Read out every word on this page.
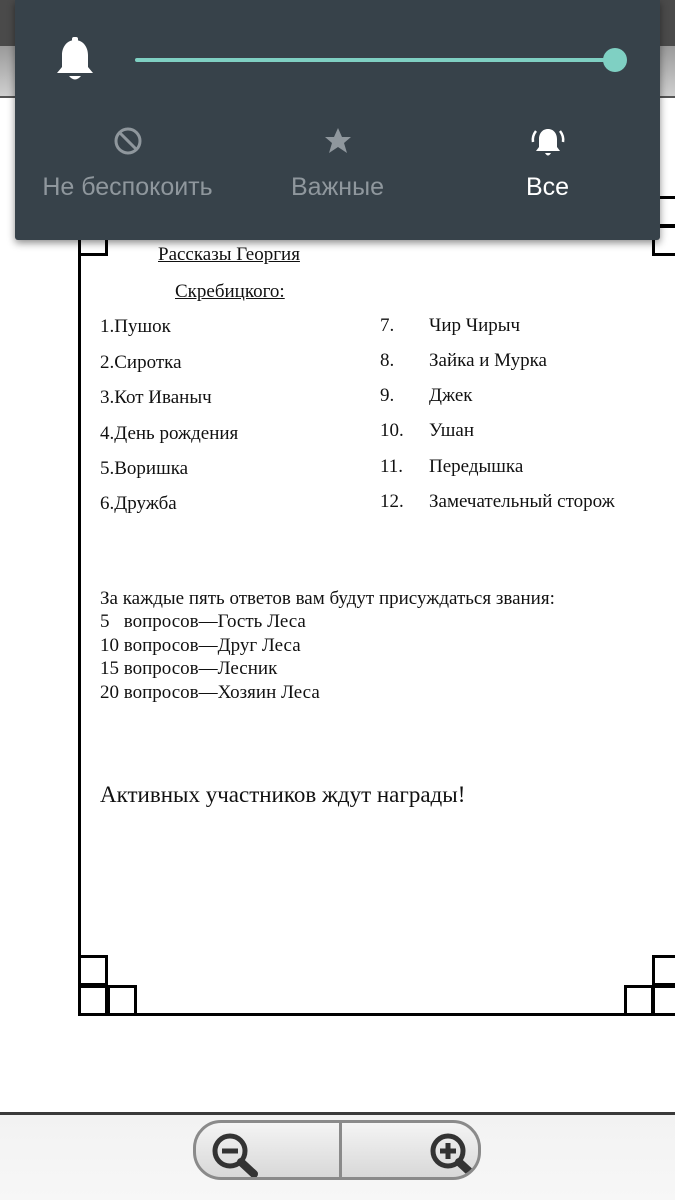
Рассказы Георгия
Скребицкого:
1.Пушок
2.Сиротка
3.Кот Иваныч
4.День рождения
5.Воришка
6.Дружба
7. Чир Чирыч
8. Зайка и Мурка
9. Джек
10. Ушан
11. Передышка
12. Замечательный сторож
За каждые пять ответов вам будут присуждаться звания:
5   вопросов—Гость Леса
10 вопросов—Друг Леса
15 вопросов—Лесник
20 вопросов—Хозяин Леса
Активных участников ждут награды!
Не беспокоить	Важные	Все
